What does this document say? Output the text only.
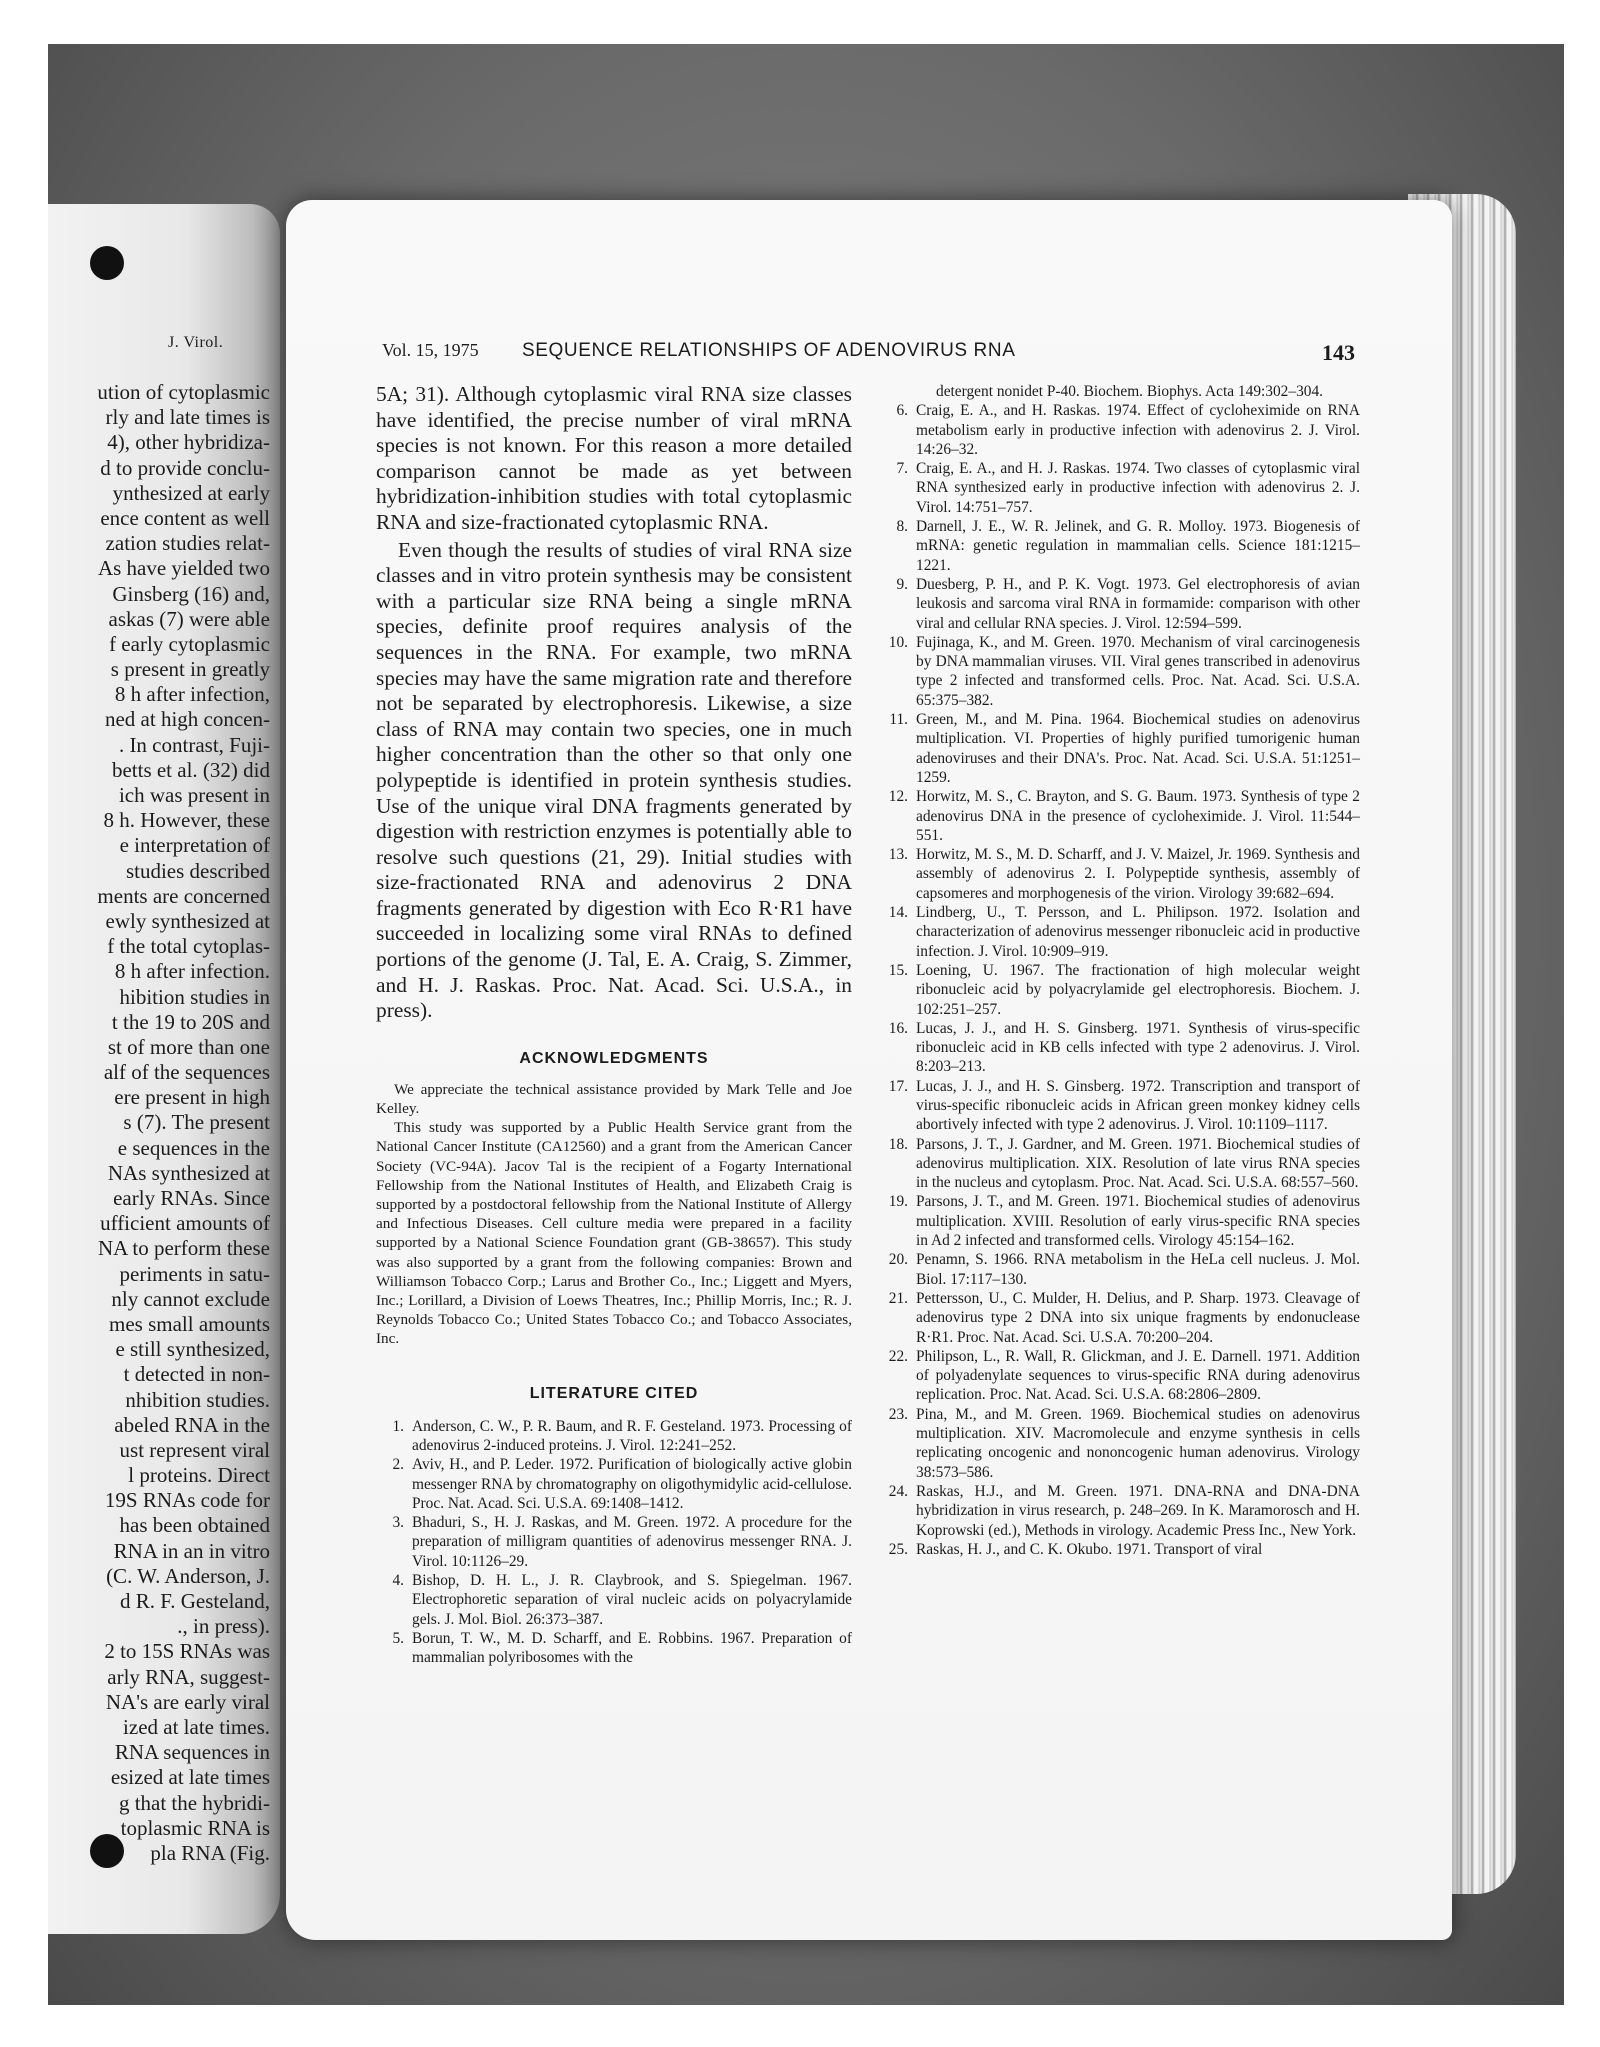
J. Virol.
ution of cytoplasmic
rly and late times is
4), other hybridiza-
d to provide conclu-
ynthesized at early
ence content as well
zation studies relat-
As have yielded two
Ginsberg (16) and,
askas (7) were able
f early cytoplasmic
s present in greatly
8 h after infection,
ned at high concen-
. In contrast, Fuji-
betts et al. (32) did
ich was present in
8 h. However, these
e interpretation of
studies described
ments are concerned
ewly synthesized at
f the total cytoplas-
8 h after infection.
hibition studies in
t the 19 to 20S and
st of more than one
alf of the sequences
ere present in high
s (7). The present
e sequences in the
NAs synthesized at
early RNAs. Since
ufficient amounts of
NA to perform these
periments in satu-
nly cannot exclude
mes small amounts
e still synthesized,
t detected in non-
nhibition studies.
abeled RNA in the
ust represent viral
l proteins. Direct
19S RNAs code for
has been obtained
RNA in an in vitro
(C. W. Anderson, J.
d R. F. Gesteland,
., in press).
2 to 15S RNAs was
arly RNA, suggest-
NA's are early viral
ized at late times.
RNA sequences in
esized at late times
g that the hybridi-
toplasmic RNA is
pla RNA (Fig.
Vol. 15, 1975 SEQUENCE RELATIONSHIPS OF ADENOVIRUS RNA	143

5A; 31). Although cytoplasmic viral RNA size classes have identified, the precise number of viral mRNA species is not known. For this reason a more detailed comparison cannot be made as yet between hybridization-inhibition studies with total cytoplasmic RNA and size-fractionated cytoplasmic RNA.

Even though the results of studies of viral RNA size classes and in vitro protein synthesis may be consistent with a particular size RNA being a single mRNA species, definite proof requires analysis of the sequences in the RNA. For example, two mRNA species may have the same migration rate and therefore not be separated by electrophoresis. Likewise, a size class of RNA may contain two species, one in much higher concentration than the other so that only one polypeptide is identified in protein synthesis studies. Use of the unique viral DNA fragments generated by digestion with restriction enzymes is potentially able to resolve such questions (21, 29). Initial studies with size-fractionated RNA and adenovirus 2 DNA fragments generated by digestion with Eco R·R1 have succeeded in localizing some viral RNAs to defined portions of the genome (J. Tal, E. A. Craig, S. Zimmer, and H. J. Raskas. Proc. Nat. Acad. Sci. U.S.A., in press).

ACKNOWLEDGMENTS

We appreciate the technical assistance provided by Mark Telle and Joe Kelley.

This study was supported by a Public Health Service grant from the National Cancer Institute (CA12560) and a grant from the American Cancer Society (VC-94A). Jacov Tal is the recipient of a Fogarty International Fellowship from the National Institutes of Health, and Elizabeth Craig is supported by a postdoctoral fellowship from the National Institute of Allergy and Infectious Diseases. Cell culture media were prepared in a facility supported by a National Science Foundation grant (GB-38657). This study was also supported by a grant from the following companies: Brown and Williamson Tobacco Corp.; Larus and Brother Co., Inc.; Liggett and Myers, Inc.; Lorillard, a Division of Loews Theatres, Inc.; Phillip Morris, Inc.; R. J. Reynolds Tobacco Co.; United States Tobacco Co.; and Tobacco Associates, Inc.

LITERATURE CITED

1. Anderson, C. W., P. R. Baum, and R. F. Gesteland. 1973. Processing of adenovirus 2-induced proteins. J. Virol. 12:241–252.
2. Aviv, H., and P. Leder. 1972. Purification of biologically active globin messenger RNA by chromatography on oligothymidylic acid-cellulose. Proc. Nat. Acad. Sci. U.S.A. 69:1408–1412.
3. Bhaduri, S., H. J. Raskas, and M. Green. 1972. A procedure for the preparation of milligram quantities of adenovirus messenger RNA. J. Virol. 10:1126–29.
4. Bishop, D. H. L., J. R. Claybrook, and S. Spiegelman. 1967. Electrophoretic separation of viral nucleic acids on polyacrylamide gels. J. Mol. Biol. 26:373–387.
5. Borun, T. W., M. D. Scharff, and E. Robbins. 1967. Preparation of mammalian polyribosomes with the
detergent nonidet P-40. Biochem. Biophys. Acta 149:302–304.
6. Craig, E. A., and H. Raskas. 1974. Effect of cycloheximide on RNA metabolism early in productive infection with adenovirus 2. J. Virol. 14:26–32.
7. Craig, E. A., and H. J. Raskas. 1974. Two classes of cytoplasmic viral RNA synthesized early in productive infection with adenovirus 2. J. Virol. 14:751–757.
8. Darnell, J. E., W. R. Jelinek, and G. R. Molloy. 1973. Biogenesis of mRNA: genetic regulation in mammalian cells. Science 181:1215–1221.
9. Duesberg, P. H., and P. K. Vogt. 1973. Gel electrophoresis of avian leukosis and sarcoma viral RNA in formamide: comparison with other viral and cellular RNA species. J. Virol. 12:594–599.
10. Fujinaga, K., and M. Green. 1970. Mechanism of viral carcinogenesis by DNA mammalian viruses. VII. Viral genes transcribed in adenovirus type 2 infected and transformed cells. Proc. Nat. Acad. Sci. U.S.A. 65:375–382.
11. Green, M., and M. Pina. 1964. Biochemical studies on adenovirus multiplication. VI. Properties of highly purified tumorigenic human adenoviruses and their DNA's. Proc. Nat. Acad. Sci. U.S.A. 51:1251–1259.
12. Horwitz, M. S., C. Brayton, and S. G. Baum. 1973. Synthesis of type 2 adenovirus DNA in the presence of cycloheximide. J. Virol. 11:544–551.
13. Horwitz, M. S., M. D. Scharff, and J. V. Maizel, Jr. 1969. Synthesis and assembly of adenovirus 2. I. Polypeptide synthesis, assembly of capsomeres and morphogenesis of the virion. Virology 39:682–694.
14. Lindberg, U., T. Persson, and L. Philipson. 1972. Isolation and characterization of adenovirus messenger ribonucleic acid in productive infection. J. Virol. 10:909–919.
15. Loening, U. 1967. The fractionation of high molecular weight ribonucleic acid by polyacrylamide gel electrophoresis. Biochem. J. 102:251–257.
16. Lucas, J. J., and H. S. Ginsberg. 1971. Synthesis of virus-specific ribonucleic acid in KB cells infected with type 2 adenovirus. J. Virol. 8:203–213.
17. Lucas, J. J., and H. S. Ginsberg. 1972. Transcription and transport of virus-specific ribonucleic acids in African green monkey kidney cells abortively infected with type 2 adenovirus. J. Virol. 10:1109–1117.
18. Parsons, J. T., J. Gardner, and M. Green. 1971. Biochemical studies of adenovirus multiplication. XIX. Resolution of late virus RNA species in the nucleus and cytoplasm. Proc. Nat. Acad. Sci. U.S.A. 68:557–560.
19. Parsons, J. T., and M. Green. 1971. Biochemical studies of adenovirus multiplication. XVIII. Resolution of early virus-specific RNA species in Ad 2 infected and transformed cells. Virology 45:154–162.
20. Penamn, S. 1966. RNA metabolism in the HeLa cell nucleus. J. Mol. Biol. 17:117–130.
21. Pettersson, U., C. Mulder, H. Delius, and P. Sharp. 1973. Cleavage of adenovirus type 2 DNA into six unique fragments by endonuclease R·R1. Proc. Nat. Acad. Sci. U.S.A. 70:200–204.
22. Philipson, L., R. Wall, R. Glickman, and J. E. Darnell. 1971. Addition of polyadenylate sequences to virus-specific RNA during adenovirus replication. Proc. Nat. Acad. Sci. U.S.A. 68:2806–2809.
23. Pina, M., and M. Green. 1969. Biochemical studies on adenovirus multiplication. XIV. Macromolecule and enzyme synthesis in cells replicating oncogenic and nononcogenic human adenovirus. Virology 38:573–586.
24. Raskas, H.J., and M. Green. 1971. DNA-RNA and DNA-DNA hybridization in virus research, p. 248–269. In K. Maramorosch and H. Koprowski (ed.), Methods in virology. Academic Press Inc., New York.
25. Raskas, H. J., and C. K. Okubo. 1971. Transport of viral
